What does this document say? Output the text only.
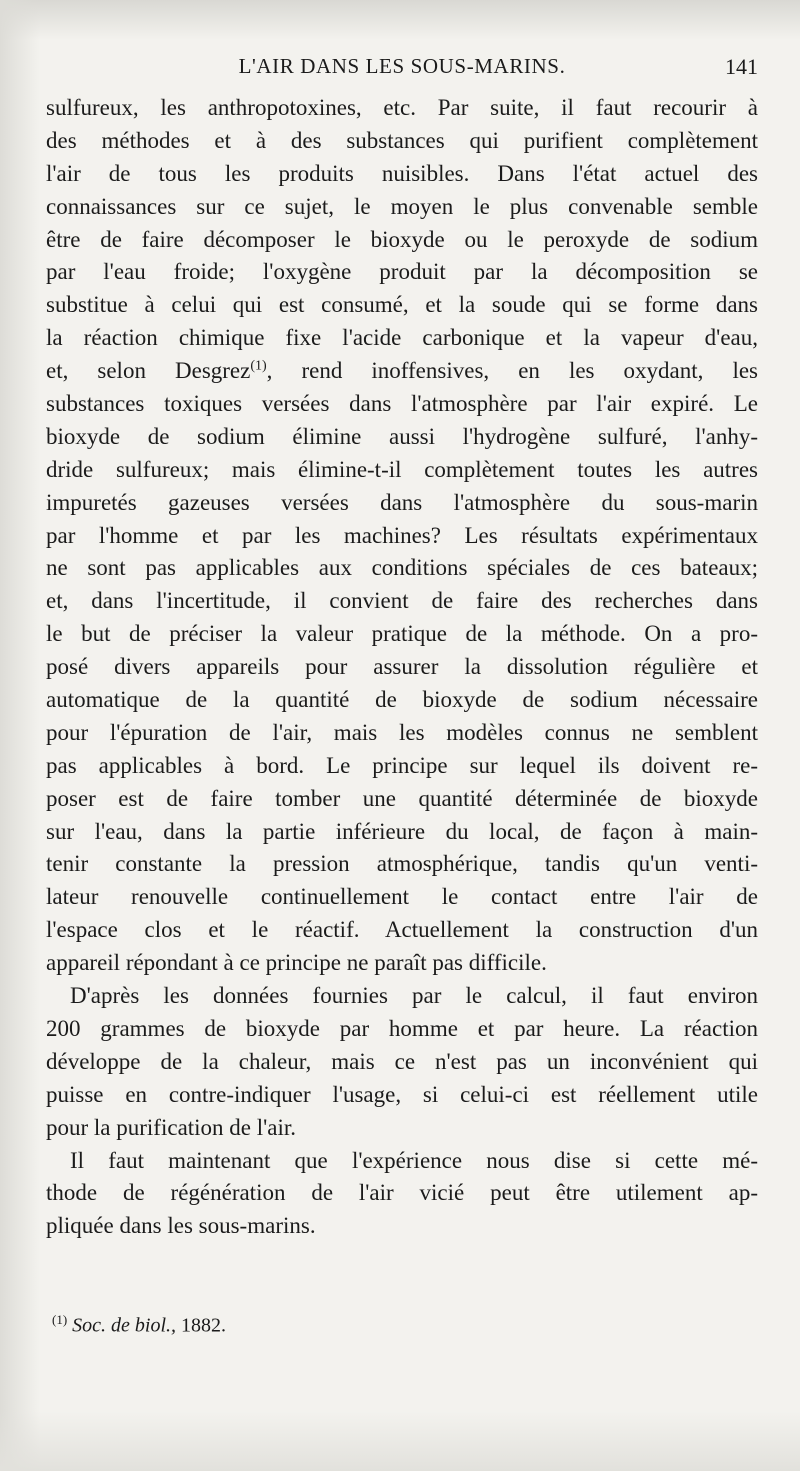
L'AIR DANS LES SOUS-MARINS.	141
sulfureux, les anthropotoxines, etc. Par suite, il faut recourir à
des méthodes et à des substances qui purifient complètement
l'air de tous les produits nuisibles. Dans l'état actuel des
connaissances sur ce sujet, le moyen le plus convenable semble
être de faire décomposer le bioxyde ou le peroxyde de sodium
par l'eau froide; l'oxygène produit par la décomposition se
substitue à celui qui est consumé, et la soude qui se forme dans
la réaction chimique fixe l'acide carbonique et la vapeur d'eau,
et, selon Desgrez$^{(1)}$, rend inoffensives, en les oxydant, les
substances toxiques versées dans l'atmosphère par l'air expiré. Le
bioxyde de sodium élimine aussi l'hydrogène sulfuré, l'anhy-
dride sulfureux; mais élimine-t-il complètement toutes les autres
impuretés gazeuses versées dans l'atmosphère du sous-marin
par l'homme et par les machines? Les résultats expérimentaux
ne sont pas applicables aux conditions spéciales de ces bateaux;
et, dans l'incertitude, il convient de faire des recherches dans
le but de préciser la valeur pratique de la méthode. On a pro-
posé divers appareils pour assurer la dissolution régulière et
automatique de la quantité de bioxyde de sodium nécessaire
pour l'épuration de l'air, mais les modèles connus ne semblent
pas applicables à bord. Le principe sur lequel ils doivent re-
poser est de faire tomber une quantité déterminée de bioxyde
sur l'eau, dans la partie inférieure du local, de façon à main-
tenir constante la pression atmosphérique, tandis qu'un venti-
lateur renouvelle continuellement le contact entre l'air de
l'espace clos et le réactif. Actuellement la construction d'un
appareil répondant à ce principe ne paraît pas difficile.
D'après les données fournies par le calcul, il faut environ
200 grammes de bioxyde par homme et par heure. La réaction
développe de la chaleur, mais ce n'est pas un inconvénient qui
puisse en contre-indiquer l'usage, si celui-ci est réellement utile
pour la purification de l'air.
Il faut maintenant que l'expérience nous dise si cette mé-
thode de régénération de l'air vicié peut être utilement ap-
pliquée dans les sous-marins.
$^{(1)}$ Soc. de biol., 1882.
